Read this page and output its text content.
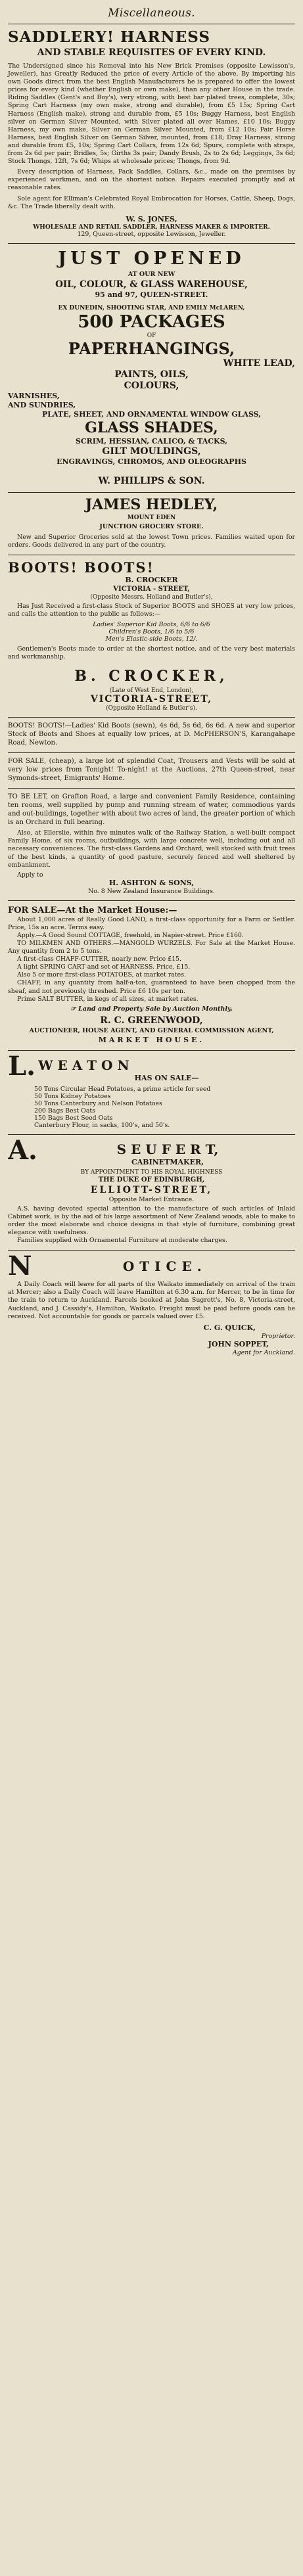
Miscellaneous.
SADDLERY! HARNESS
AND STABLE REQUISITES OF EVERY KIND.

The Undersigned since his Removal into his New Brick Premises (opposite Lewisson's, Jeweller), has Greatly Reduced the price of every Article of the above. By importing his own Goods direct from the best English Manufacturers he is prepared to offer the lowest prices for every kind (whether English or own make), than any other House in the trade. Riding Saddles (Gent's and Boy's), very strong, with best bar plated trees, complete, 30s; Spring Cart Harness (my own make, strong and durable), from £5 15s; Spring Cart Harness (English make), strong and durable from, £5 10s; Buggy Harness, best English silver on German Silver Mounted, with Silver plated all over Hames, £10 10s; Buggy Harness, my own make, Silver on German Silver Mounted, from £12 10s; Pair Horse Harness, best English Silver on German Silver, mounted, from £18; Dray Harness, strong and durable from £5, 10s; Spring Cart Collars, from 12s 6d; Spurs, complete with straps, from 2s 6d per pair; Bridles, 5s; Girths 3s pair; Dandy Brush, 2s to 2s 6d; Leggings, 3s 6d; Stock Thongs, 12ft, 7s 6d; Whips at wholesale prices; Thongs, from 9d.

Every description of Harness, Pack Saddles, Collars, &c., made on the premises by experienced workmen, and on the shortest notice. Repairs executed promptly and at reasonable rates.

Sole agent for Elliman's Celebrated Royal Embrocation for Horses, Cattle, Sheep, Dogs, &c. The Trade liberally dealt with.

W. S. JONES,
WHOLESALE AND RETAIL SADDLER, HARNESS MAKER & IMPORTER.
129, Queen-street, opposite Lewisson, Jeweller.
JUST OPENED
AT OUR NEW
OIL, COLOUR, & GLASS WAREHOUSE,
95 and 97, QUEEN-STREET.
EX DUNEDIN, SHOOTING STAR, AND EMILY McLAREN,
500 PACKAGES
OF
PAPERHANGINGS,
WHITE LEAD,
PAINTS, OILS,
COLOURS,
VARNISHES,
AND SUNDRIES,
PLATE, SHEET, AND ORNAMENTAL WINDOW GLASS,
GLASS SHADES,
SCRIM, HESSIAN, CALICO, & TACKS,
GILT MOULDINGS,
ENGRAVINGS, CHROMOS, AND OLEOGRAPHS
W. PHILLIPS & SON.
JAMES HEDLEY,
MOUNT EDEN
JUNCTION GROCERY STORE.

New and Superior Groceries sold at the lowest Town prices. Families waited upon for orders. Goods delivered in any part of the country.

BOOTS! BOOTS!
B. CROCKER
VICTORIA - STREET,
(Opposite Messrs. Holland and Butler's),

Has Just Received a first-class Stock of Superior BOOTS and SHOES at very low prices, and calls the attention to the public as follows:—

Ladies' Superior Kid Boots, 6/6 to 6/6
Children's Boots, 1/6 to 5/6
Men's Elastic-side Boots, 12/.

Gentlemen's Boots made to order at the shortest notice, and of the very best materials and workmanship.

B. CROCKER,
(Late of West End, London),
VICTORIA-STREET,
(Opposite Holland & Butler's).

BOOTS! BOOTS!—Ladies' Kid Boots (sewn), 4s 6d, 5s 6d, 6s 6d. A new and superior Stock of Boots and Shoes at equally low prices, at D. McPHERSON'S, Karangahape Road, Newton.

FOR SALE, (cheap), a large lot of splendid Coat, Trousers and Vests will be sold at very low prices from Tonight! To-night! at the Auctions, 27th Queen-street, near Symonds-street, Emigrants' Home.

TO BE LET, on Grafton Road, a large and convenient Family Residence, containing ten rooms, well supplied by pump and running stream of water, commodious yards and out-buildings, together with about two acres of land, the greater portion of which is an Orchard in full bearing.

Also, at Ellerslie, within five minutes walk of the Railway Station, a well-built compact Family Home, of six rooms, outbuildings, with large concrete well, including out and all necessary conveniences. The first-class Gardens and Orchard, well stocked with fruit trees of the best kinds, a quantity of good pasture, securely fenced and well sheltered by embankment.

Apply to
H. ASHTON & SONS,
No. 8 New Zealand Insurance Buildings.
FOR SALE—At the Market House:—

About 1,000 acres of Really Good LAND, a first-class opportunity for a Farm or Settler. Price, 15s an acre. Terms easy.

Apply.—A Good Sound COTTAGE, freehold, in Napier-street. Price £160.

TO MILKMEN AND OTHERS.—MANGOLD WURZELS. For Sale at the Market House. Any quantity from 2 to 5 tons.

A first-class CHAFF-CUTTER, nearly new. Price £15.

A light SPRING CART and set of HARNESS. Price, £15.

Also 5 or more first-class POTATOES, at market rates.

CHAFF, in any quantity from half-a-ton, guaranteed to have been chopped from the sheaf, and not previously threshed. Price £6 10s per ton.

Prime SALT BUTTER, in kegs of all sizes, at market rates.

☞ Land and Property Sale by Auction Monthly.
R. C. GREENWOOD,
AUCTIONEER, HOUSE AGENT, AND GENERAL COMMISSION AGENT,
MARKET HOUSE.
L. W E A T O N
HAS ON SALE—
50 Tons Circular Head Potatoes, a prime article for seed
50 Tons Kidney Potatoes
50 Tons Canterbury and Nelson Potatoes
200 Bags Best Oats
150 Bags Best Seed Oats
Canterbury Flour, in sacks, 100's, and 50's.
A.	S E U F E R T,
CABINETMAKER,
BY APPOINTMENT TO HIS ROYAL HIGHNESS
THE DUKE OF EDINBURGH,
ELLIOTT-STREET,
Opposite Market Entrance.

A.S. having devoted special attention to the manufacture of such articles of Inlaid Cabinet work, is by the aid of his large assortment of New Zealand woods, able to make to order the most elaborate and choice designs in that style of furniture, combining great elegance with usefulness.

Families supplied with Ornamental Furniture at moderate charges.

N	OTICE.

A Daily Coach will leave for all parts of the Waikato immediately on arrival of the train at Mercer; also a Daily Coach will leave Hamilton at 6.30 a.m. for Mercer, to be in time for the train to return to Auckland. Parcels booked at John Sugrott's, No. 8, Victoria-street, Auckland, and J. Cassidy's, Hamilton, Waikato. Freight must be paid before goods can be received. Not accountable for goods or parcels valued over £5.

C. G. QUICK,
Proprietor.
JOHN SOPPET,
Agent for Auckland.
